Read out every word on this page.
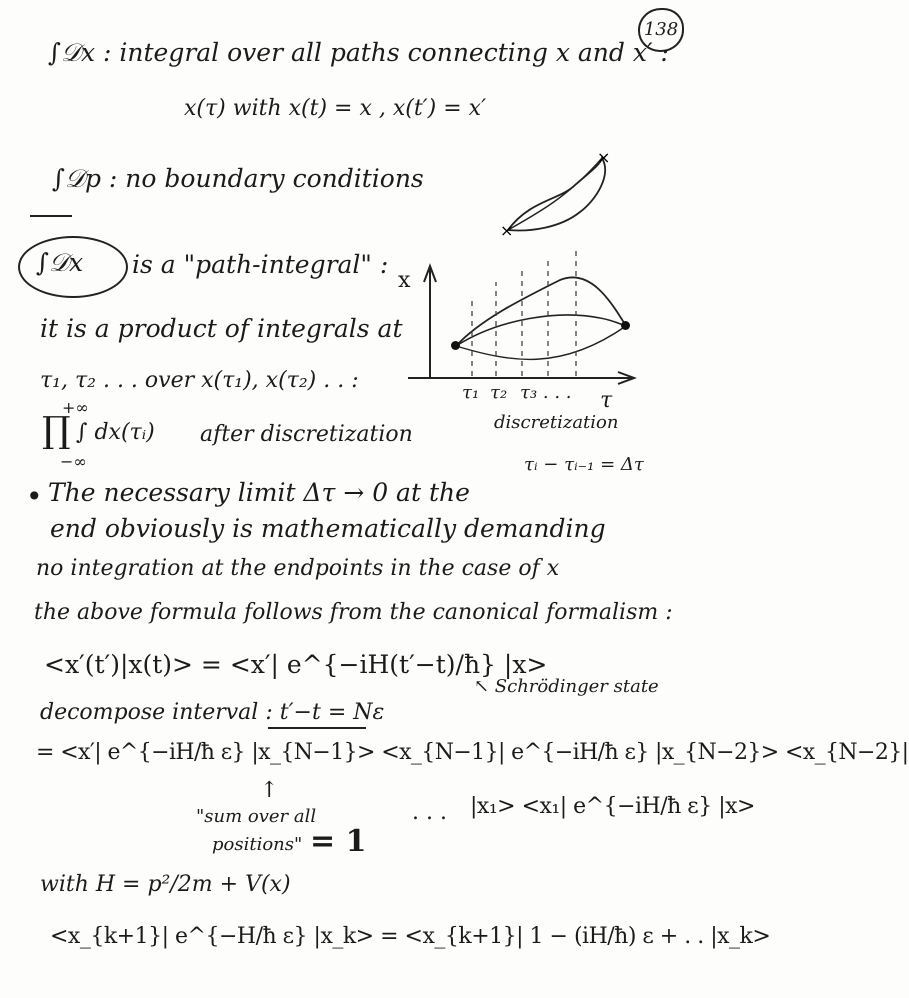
138
∫𝒟x : integral over all paths connecting x and x′ :
x(τ) with x(t) = x , x(t′) = x′
∫𝒟p : no boundary conditions
∫𝒟x is a "path-integral" :
it is a product of integrals at
τ₁, τ₂ . . . over x(τ₁), x(τ₂) . . :
∏
+∞
−∞
∫ dx(τᵢ) after discretization
• The necessary limit Δτ → 0 at the
end obviously is mathematically demanding
no integration at the endpoints in the case of x
the above formula follows from the canonical formalism :
<x′(t′)|x(t)> = <x′| e^{−iH(t′−t)/ħ} |x>
↖ Schrödinger state
decompose interval : t′−t = Nε
= <x′| e^{−iH/ħ ε} |x_{N−1}> <x_{N−1}| e^{−iH/ħ ε} |x_{N−2}> <x_{N−2}|
↑
"sum over all
positions" = 1
. . . |x₁> <x₁| e^{−iH/ħ ε} |x>
with H = p²/2m + V(x)
<x_{k+1}| e^{−H/ħ ε} |x_k> = <x_{k+1}| 1 − (iH/ħ) ε + . . |x_k>
×
×
x
τ
τ₁ τ₂ τ₃ . . .
discretization
τᵢ − τᵢ₋₁ = Δτ
